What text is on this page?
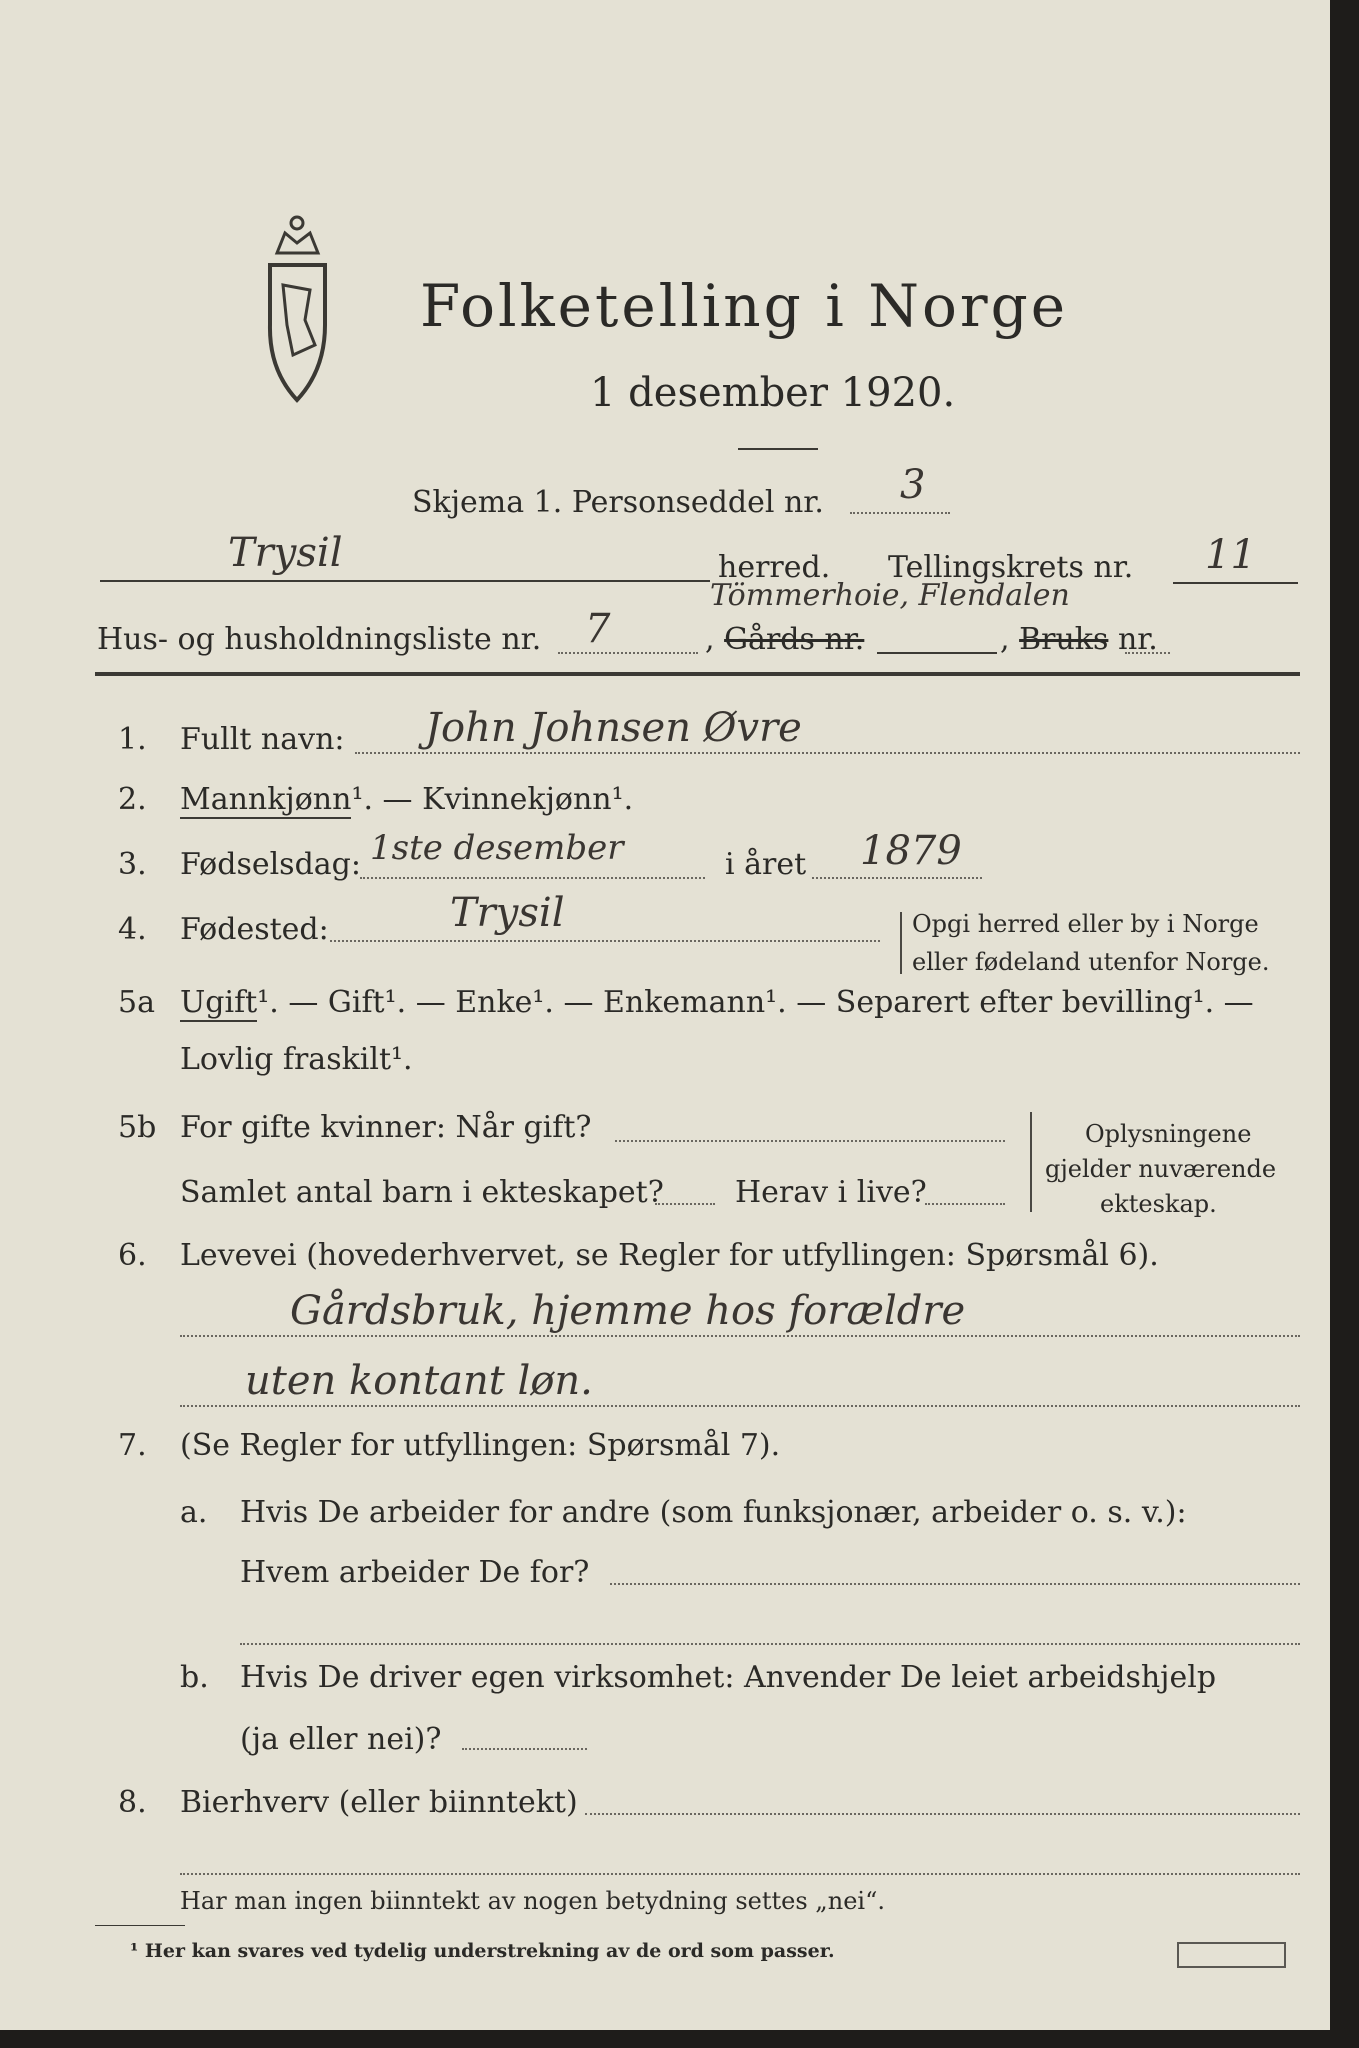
Folketelling i Norge
1 desember 1920.
Skjema 1. Personseddel nr. 3
Trysil	herred. Tellingskrets nr. 11
Hus- og husholdningsliste nr. 7
Tömmerhoie, Flendalen
, Gårds nr.	, Bruks nr.
1. Fullt navn: John Johnsen Øvre
2. Mannkjønn¹. — Kvinnekjønn¹.
3. Fødselsdag: 1ste desember	i året 1879
4. Fødested:	Trysil	Opgi herred eller by i Norge
eller fødeland utenfor Norge.
5a Ugift¹. — Gift¹. — Enke¹. — Enkemann¹. — Separert efter bevilling¹. —
Lovlig fraskilt¹.
5b For gifte kvinner: Når gift?
Samlet antal barn i ekteskapet? Herav i live?
Oplysningene
gjelder nuværende
ekteskap.
6. Levevei (hovederhvervet, se Regler for utfyllingen: Spørsmål 6).
Gårdsbruk, hjemme hos forældre
uten kontant løn.
7. (Se Regler for utfyllingen: Spørsmål 7).
a. Hvis De arbeider for andre (som funksjonær, arbeider o. s. v.):
Hvem arbeider De for?
b. Hvis De driver egen virksomhet: Anvender De leiet arbeidshjelp
(ja eller nei)?
8. Bierhverv (eller biinntekt)
Har man ingen biinntekt av nogen betydning settes „nei“.
¹ Her kan svares ved tydelig understrekning av de ord som passer.
